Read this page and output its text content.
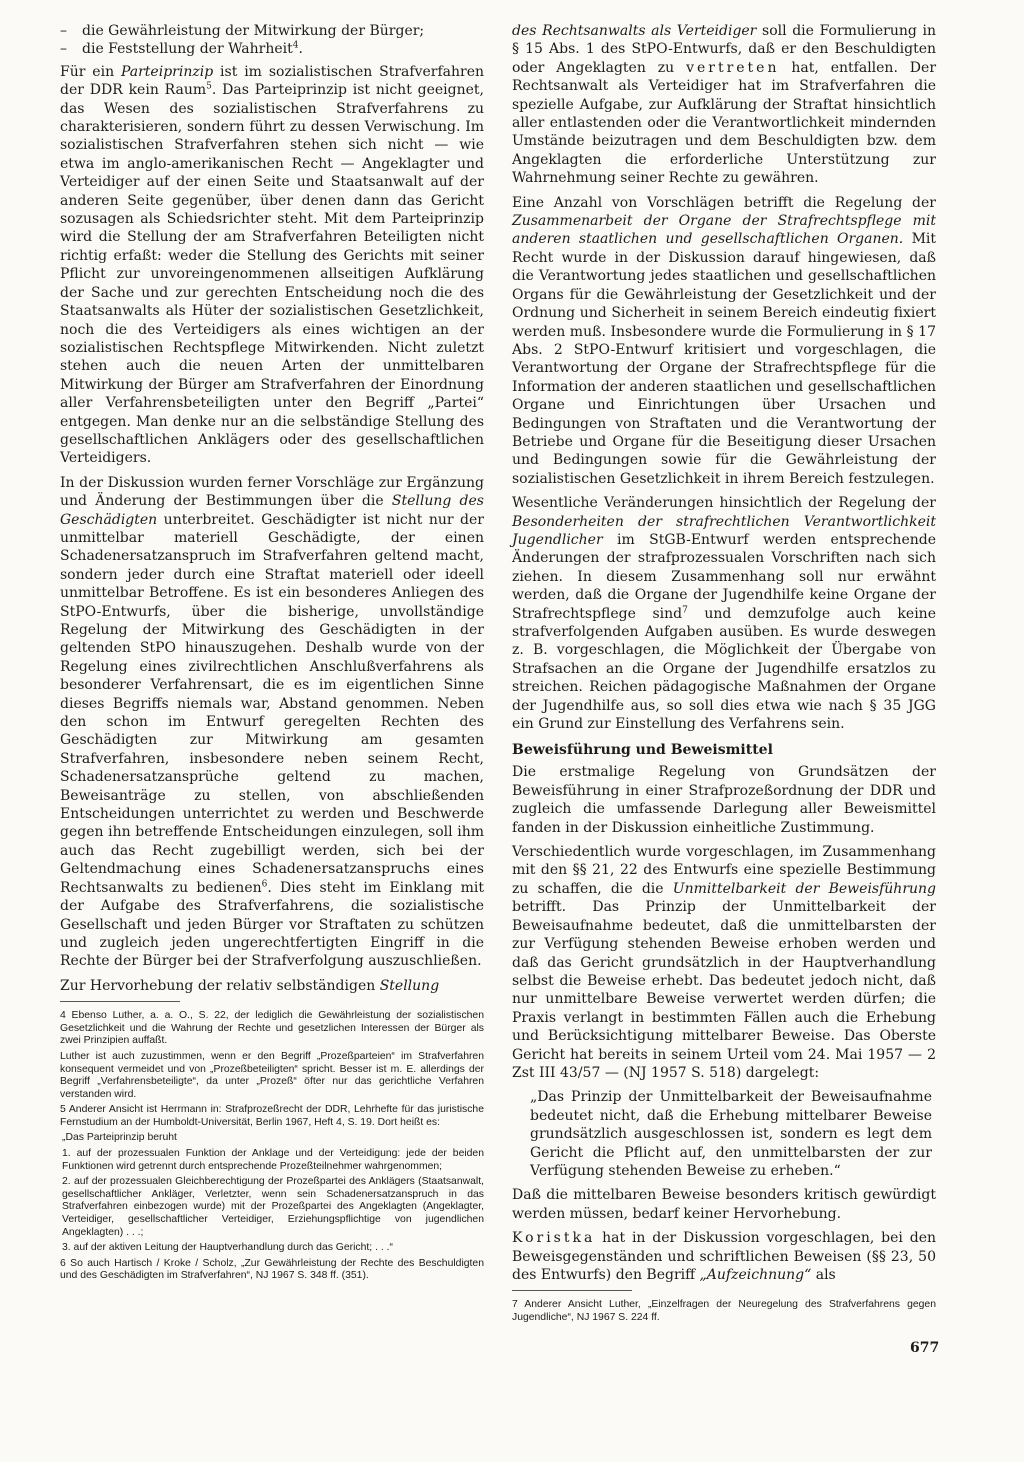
– die Gewährleistung der Mitwirkung der Bürger;
– die Feststellung der Wahrheit$^4$.

Für ein Parteiprinzip ist im sozialistischen Strafverfahren der DDR kein Raum$^5$. Das Parteiprinzip ist nicht geeignet, das Wesen des sozialistischen Strafverfahrens zu charakterisieren, sondern führt zu dessen Verwischung. Im sozialistischen Strafverfahren stehen sich nicht — wie etwa im anglo-amerikanischen Recht — Angeklagter und Verteidiger auf der einen Seite und Staatsanwalt auf der anderen Seite gegenüber, über denen dann das Gericht sozusagen als Schiedsrichter steht. Mit dem Parteiprinzip wird die Stellung der am Strafverfahren Beteiligten nicht richtig erfaßt: weder die Stellung des Gerichts mit seiner Pflicht zur unvoreingenommenen allseitigen Aufklärung der Sache und zur gerechten Entscheidung noch die des Staatsanwalts als Hüter der sozialistischen Gesetzlichkeit, noch die des Verteidigers als eines wichtigen an der sozialistischen Rechtspflege Mitwirkenden. Nicht zuletzt stehen auch die neuen Arten der unmittelbaren Mitwirkung der Bürger am Strafverfahren der Einordnung aller Verfahrensbeteiligten unter den Begriff „Partei“ entgegen. Man denke nur an die selbständige Stellung des gesellschaftlichen Anklägers oder des gesellschaftlichen Verteidigers.

In der Diskussion wurden ferner Vorschläge zur Ergänzung und Änderung der Bestimmungen über die Stellung des Geschädigten unterbreitet. Geschädigter ist nicht nur der unmittelbar materiell Geschädigte, der einen Schadenersatzanspruch im Strafverfahren geltend macht, sondern jeder durch eine Straftat materiell oder ideell unmittelbar Betroffene. Es ist ein besonderes Anliegen des StPO-Entwurfs, über die bisherige, unvollständige Regelung der Mitwirkung des Geschädigten in der geltenden StPO hinauszugehen. Deshalb wurde von der Regelung eines zivilrechtlichen Anschlußverfahrens als besonderer Verfahrensart, die es im eigentlichen Sinne dieses Begriffs niemals war, Abstand genommen. Neben den schon im Entwurf geregelten Rechten des Geschädigten zur Mitwirkung am gesamten Strafverfahren, insbesondere neben seinem Recht, Schadenersatzansprüche geltend zu machen, Beweisanträge zu stellen, von abschließenden Entscheidungen unterrichtet zu werden und Beschwerde gegen ihn betreffende Entscheidungen einzulegen, soll ihm auch das Recht zugebilligt werden, sich bei der Geltendmachung eines Schadenersatzanspruchs eines Rechtsanwalts zu bedienen$^6$. Dies steht im Einklang mit der Aufgabe des Strafverfahrens, die sozialistische Gesellschaft und jeden Bürger vor Straftaten zu schützen und zugleich jeden ungerechtfertigten Eingriff in die Rechte der Bürger bei der Strafverfolgung auszuschließen.

Zur Hervorhebung der relativ selbständigen Stellung

4 Ebenso Luther, a. a. O., S. 22, der lediglich die Gewährleistung der sozialistischen Gesetzlichkeit und die Wahrung der Rechte und gesetzlichen Interessen der Bürger als zwei Prinzipien auffaßt.

Luther ist auch zuzustimmen, wenn er den Begriff „Prozeßparteien“ im Strafverfahren konsequent vermeidet und von „Prozeßbeteiligten“ spricht. Besser ist m. E. allerdings der Begriff „Verfahrensbeteiligte“, da unter „Prozeß“ öfter nur das gerichtliche Verfahren verstanden wird.

5 Anderer Ansicht ist Herrmann in: Strafprozeßrecht der DDR, Lehrhefte für das juristische Fernstudium an der Humboldt-Universität, Berlin 1967, Heft 4, S. 19. Dort heißt es:

„Das Parteiprinzip beruht

1. auf der prozessualen Funktion der Anklage und der Verteidigung: jede der beiden Funktionen wird getrennt durch entsprechende Prozeßteilnehmer wahrgenommen;

2. auf der prozessualen Gleichberechtigung der Prozeßpartei des Anklägers (Staatsanwalt, gesellschaftlicher Ankläger, Verletzter, wenn sein Schadenersatzanspruch in das Strafverfahren einbezogen wurde) mit der Prozeßpartei des Angeklagten (Angeklagter, Verteidiger, gesellschaftlicher Verteidiger, Erziehungspflichtige von jugendlichen Angeklagten) . . .;

3. auf der aktiven Leitung der Hauptverhandlung durch das Gericht; . . .“

6 So auch Hartisch / Kroke / Scholz, „Zur Gewährleistung der Rechte des Beschuldigten und des Geschädigten im Strafverfahren“, NJ 1967 S. 348 ff. (351).

des Rechtsanwalts als Verteidiger soll die Formulierung in § 15 Abs. 1 des StPO-Entwurfs, daß er den Beschuldigten oder Angeklagten zu vertreten hat, entfallen. Der Rechtsanwalt als Verteidiger hat im Strafverfahren die spezielle Aufgabe, zur Aufklärung der Straftat hinsichtlich aller entlastenden oder die Verantwortlichkeit mindernden Umstände beizutragen und dem Beschuldigten bzw. dem Angeklagten die erforderliche Unterstützung zur Wahrnehmung seiner Rechte zu gewähren.

Eine Anzahl von Vorschlägen betrifft die Regelung der Zusammenarbeit der Organe der Strafrechtspflege mit anderen staatlichen und gesellschaftlichen Organen. Mit Recht wurde in der Diskussion darauf hingewiesen, daß die Verantwortung jedes staatlichen und gesellschaftlichen Organs für die Gewährleistung der Gesetzlichkeit und der Ordnung und Sicherheit in seinem Bereich eindeutig fixiert werden muß. Insbesondere wurde die Formulierung in § 17 Abs. 2 StPO-Entwurf kritisiert und vorgeschlagen, die Verantwortung der Organe der Strafrechtspflege für die Information der anderen staatlichen und gesellschaftlichen Organe und Einrichtungen über Ursachen und Bedingungen von Straftaten und die Verantwortung der Betriebe und Organe für die Beseitigung dieser Ursachen und Bedingungen sowie für die Gewährleistung der sozialistischen Gesetzlichkeit in ihrem Bereich festzulegen.

Wesentliche Veränderungen hinsichtlich der Regelung der Besonderheiten der strafrechtlichen Verantwortlichkeit Jugendlicher im StGB-Entwurf werden entsprechende Änderungen der strafprozessualen Vorschriften nach sich ziehen. In diesem Zusammenhang soll nur erwähnt werden, daß die Organe der Jugendhilfe keine Organe der Strafrechtspflege sind$^7$ und demzufolge auch keine strafverfolgenden Aufgaben ausüben. Es wurde deswegen z. B. vorgeschlagen, die Möglichkeit der Übergabe von Strafsachen an die Organe der Jugendhilfe ersatzlos zu streichen. Reichen pädagogische Maßnahmen der Organe der Jugendhilfe aus, so soll dies etwa wie nach § 35 JGG ein Grund zur Einstellung des Verfahrens sein.

Beweisführung und Beweismittel

Die erstmalige Regelung von Grundsätzen der Beweisführung in einer Strafprozeßordnung der DDR und zugleich die umfassende Darlegung aller Beweismittel fanden in der Diskussion einheitliche Zustimmung.

Verschiedentlich wurde vorgeschlagen, im Zusammenhang mit den §§ 21, 22 des Entwurfs eine spezielle Bestimmung zu schaffen, die die Unmittelbarkeit der Beweisführung betrifft. Das Prinzip der Unmittelbarkeit der Beweisaufnahme bedeutet, daß die unmittelbarsten der zur Verfügung stehenden Beweise erhoben werden und daß das Gericht grundsätzlich in der Hauptverhandlung selbst die Beweise erhebt. Das bedeutet jedoch nicht, daß nur unmittelbare Beweise verwertet werden dürfen; die Praxis verlangt in bestimmten Fällen auch die Erhebung und Berücksichtigung mittelbarer Beweise. Das Oberste Gericht hat bereits in seinem Urteil vom 24. Mai 1957 — 2 Zst III 43/57 — (NJ 1957 S. 518) dargelegt:

„Das Prinzip der Unmittelbarkeit der Beweisaufnahme bedeutet nicht, daß die Erhebung mittelbarer Beweise grundsätzlich ausgeschlossen ist, sondern es legt dem Gericht die Pflicht auf, den unmittelbarsten der zur Verfügung stehenden Beweise zu erheben.“

Daß die mittelbaren Beweise besonders kritisch gewürdigt werden müssen, bedarf keiner Hervorhebung.

Koristka hat in der Diskussion vorgeschlagen, bei den Beweisgegenständen und schriftlichen Beweisen (§§ 23, 50 des Entwurfs) den Begriff „Aufzeichnung“ als

7 Anderer Ansicht Luther, „Einzelfragen der Neuregelung des Strafverfahrens gegen Jugendliche“, NJ 1967 S. 224 ff.

677
